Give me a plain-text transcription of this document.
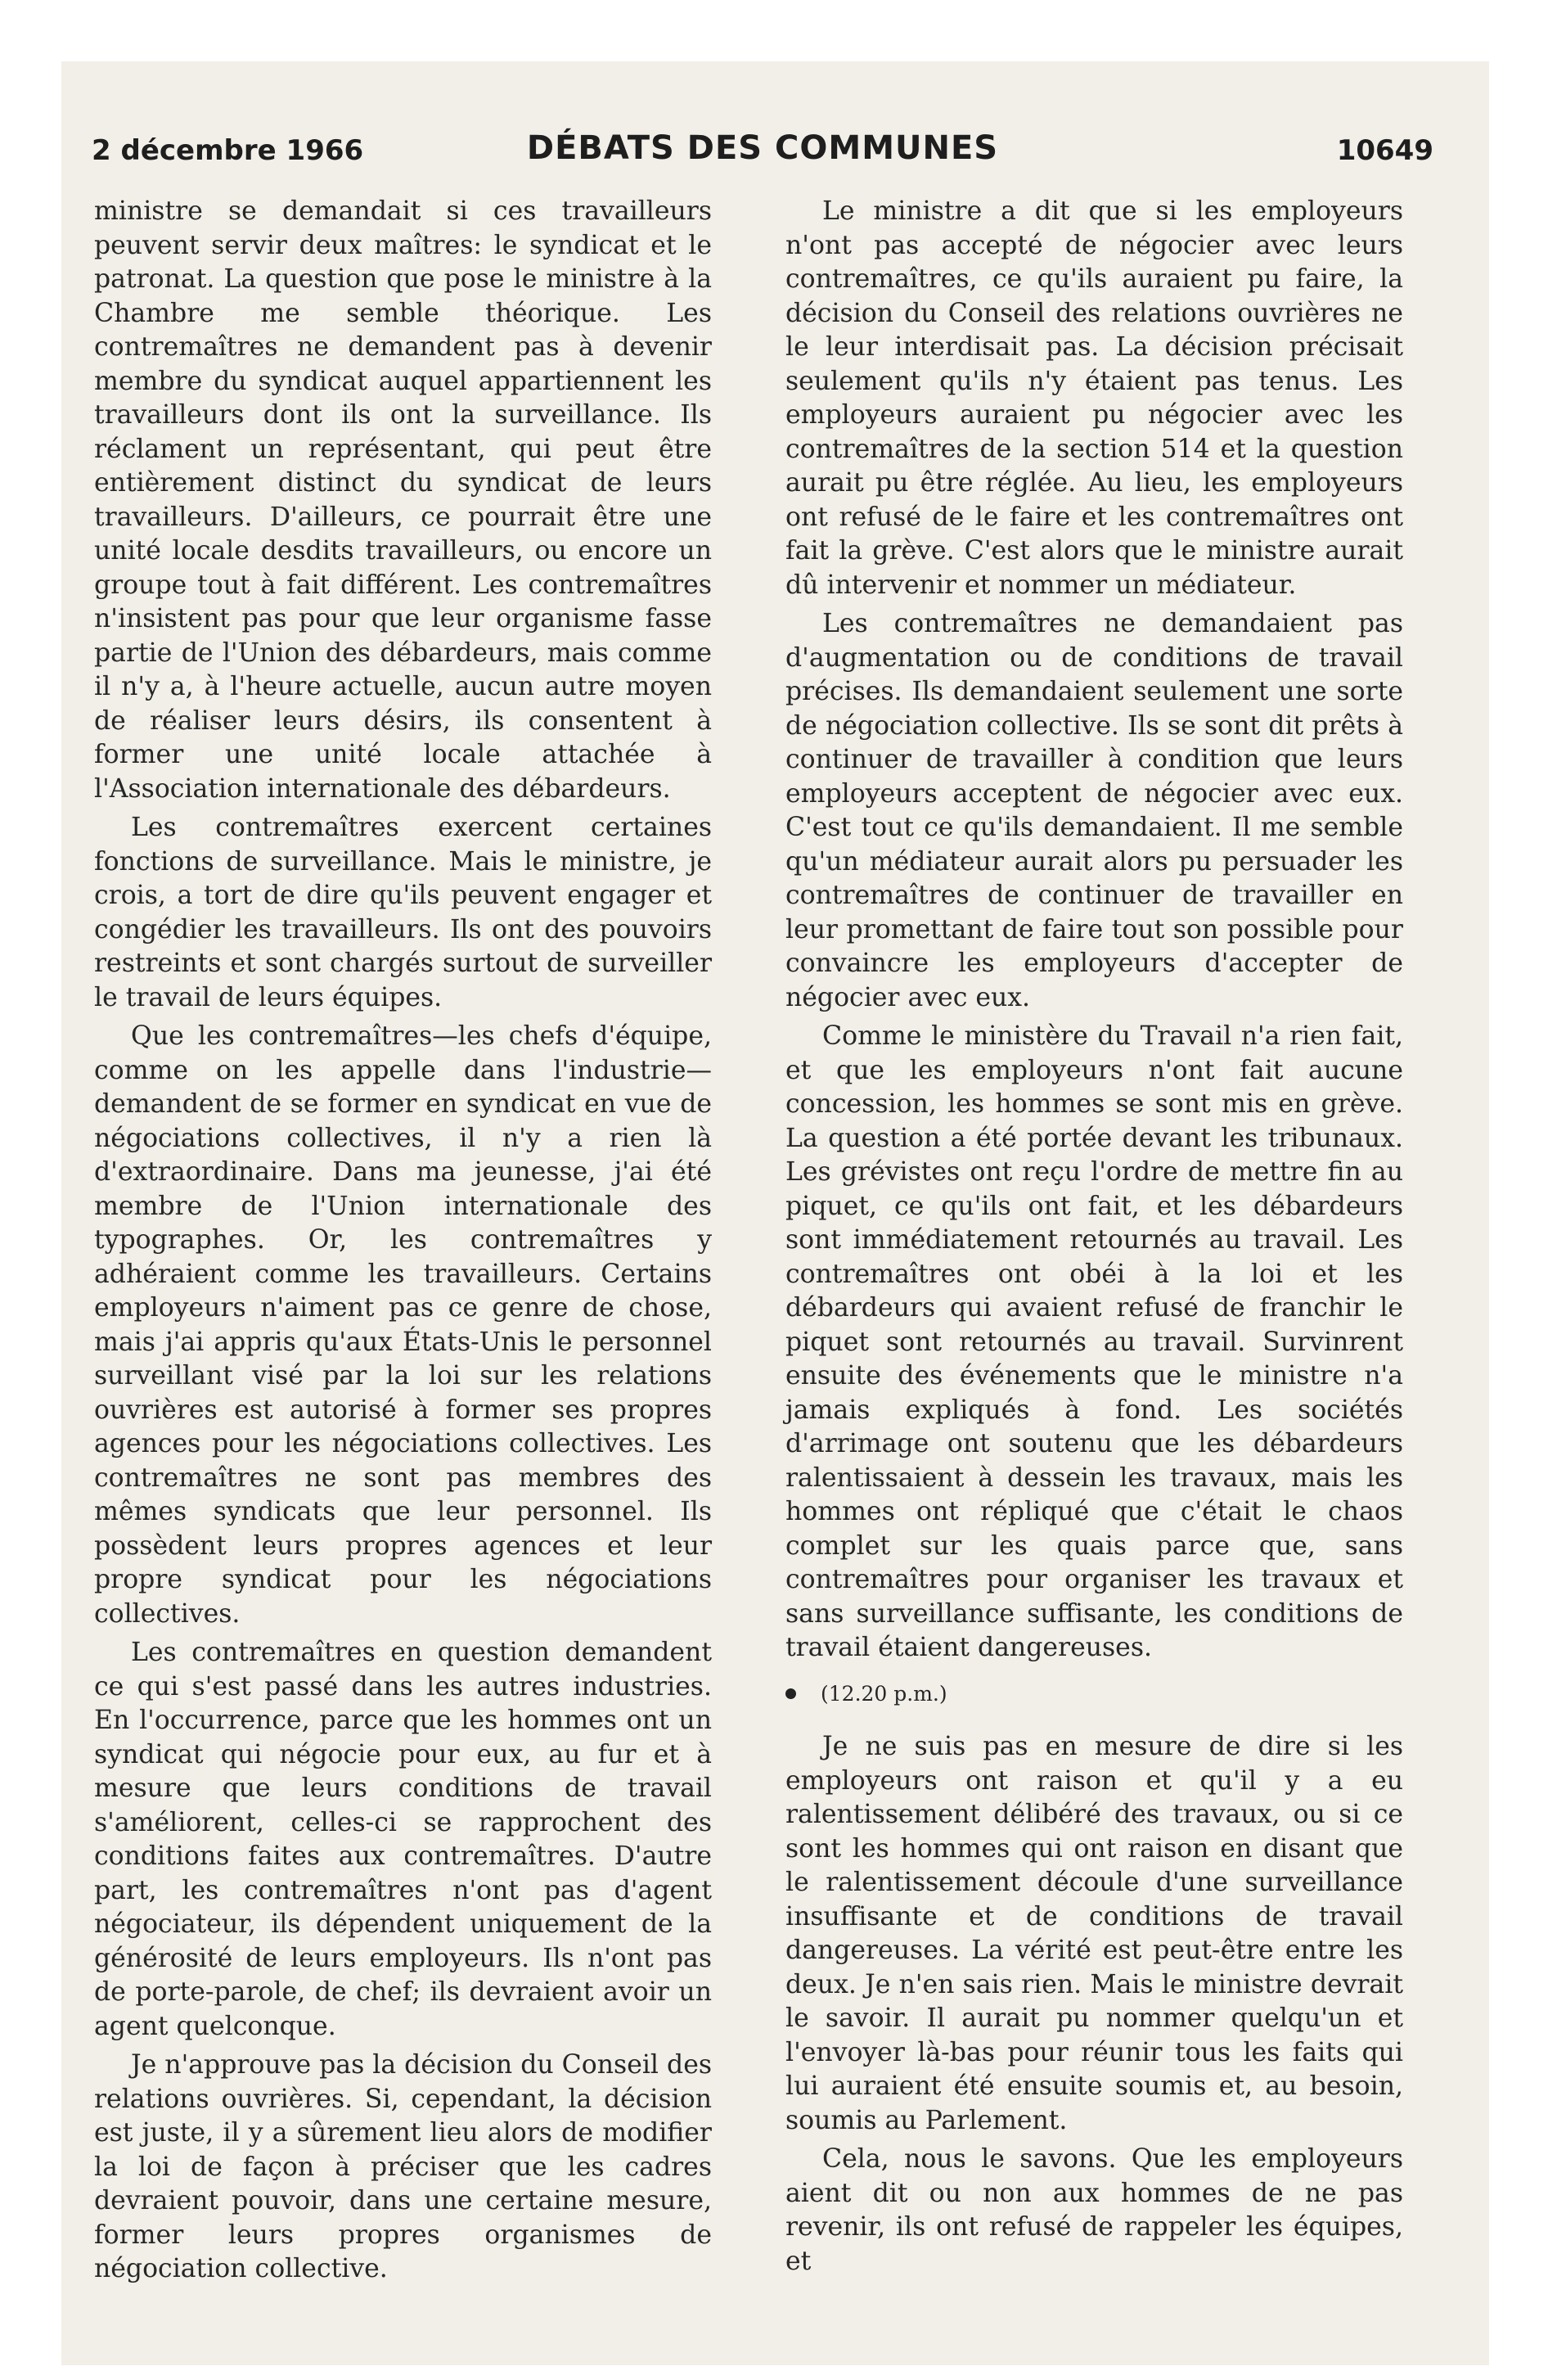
2 décembre 1966	DÉBATS DES COMMUNES	10649

ministre se demandait si ces travailleurs peuvent servir deux maîtres: le syndicat et le patronat. La question que pose le ministre à la Chambre me semble théorique. Les contremaîtres ne demandent pas à devenir membre du syndicat auquel appartiennent les travailleurs dont ils ont la surveillance. Ils réclament un représentant, qui peut être entièrement distinct du syndicat de leurs travailleurs. D'ailleurs, ce pourrait être une unité locale desdits travailleurs, ou encore un groupe tout à fait différent. Les contremaîtres n'insistent pas pour que leur organisme fasse partie de l'Union des débardeurs, mais comme il n'y a, à l'heure actuelle, aucun autre moyen de réaliser leurs désirs, ils consentent à former une unité locale attachée à l'Association internationale des débardeurs.

Les contremaîtres exercent certaines fonctions de surveillance. Mais le ministre, je crois, a tort de dire qu'ils peuvent engager et congédier les travailleurs. Ils ont des pouvoirs restreints et sont chargés surtout de surveiller le travail de leurs équipes.

Que les contremaîtres—les chefs d'équipe, comme on les appelle dans l'industrie—demandent de se former en syndicat en vue de négociations collectives, il n'y a rien là d'extraordinaire. Dans ma jeunesse, j'ai été membre de l'Union internationale des typographes. Or, les contremaîtres y adhéraient comme les travailleurs. Certains employeurs n'aiment pas ce genre de chose, mais j'ai appris qu'aux États-Unis le personnel surveillant visé par la loi sur les relations ouvrières est autorisé à former ses propres agences pour les négociations collectives. Les contremaîtres ne sont pas membres des mêmes syndicats que leur personnel. Ils possèdent leurs propres agences et leur propre syndicat pour les négociations collectives.

Les contremaîtres en question demandent ce qui s'est passé dans les autres industries. En l'occurrence, parce que les hommes ont un syndicat qui négocie pour eux, au fur et à mesure que leurs conditions de travail s'améliorent, celles-ci se rapprochent des conditions faites aux contremaîtres. D'autre part, les contremaîtres n'ont pas d'agent négociateur, ils dépendent uniquement de la générosité de leurs employeurs. Ils n'ont pas de porte-parole, de chef; ils devraient avoir un agent quelconque.

Je n'approuve pas la décision du Conseil des relations ouvrières. Si, cependant, la décision est juste, il y a sûrement lieu alors de modifier la loi de façon à préciser que les cadres devraient pouvoir, dans une certaine mesure, former leurs propres organismes de négociation collective.

Le ministre a dit que si les employeurs n'ont pas accepté de négocier avec leurs contremaîtres, ce qu'ils auraient pu faire, la décision du Conseil des relations ouvrières ne le leur interdisait pas. La décision précisait seulement qu'ils n'y étaient pas tenus. Les employeurs auraient pu négocier avec les contremaîtres de la section 514 et la question aurait pu être réglée. Au lieu, les employeurs ont refusé de le faire et les contremaîtres ont fait la grève. C'est alors que le ministre aurait dû intervenir et nommer un médiateur.

Les contremaîtres ne demandaient pas d'augmentation ou de conditions de travail précises. Ils demandaient seulement une sorte de négociation collective. Ils se sont dit prêts à continuer de travailler à condition que leurs employeurs acceptent de négocier avec eux. C'est tout ce qu'ils demandaient. Il me semble qu'un médiateur aurait alors pu persuader les contremaîtres de continuer de travailler en leur promettant de faire tout son possible pour convaincre les employeurs d'accepter de négocier avec eux.

Comme le ministère du Travail n'a rien fait, et que les employeurs n'ont fait aucune concession, les hommes se sont mis en grève. La question a été portée devant les tribunaux. Les grévistes ont reçu l'ordre de mettre fin au piquet, ce qu'ils ont fait, et les débardeurs sont immédiatement retournés au travail. Les contremaîtres ont obéi à la loi et les débardeurs qui avaient refusé de franchir le piquet sont retournés au travail. Survinrent ensuite des événements que le ministre n'a jamais expliqués à fond. Les sociétés d'arrimage ont soutenu que les débardeurs ralentissaient à dessein les travaux, mais les hommes ont répliqué que c'était le chaos complet sur les quais parce que, sans contremaîtres pour organiser les travaux et sans surveillance suffisante, les conditions de travail étaient dangereuses.

(12.20 p.m.)

Je ne suis pas en mesure de dire si les employeurs ont raison et qu'il y a eu ralentissement délibéré des travaux, ou si ce sont les hommes qui ont raison en disant que le ralentissement découle d'une surveillance insuffisante et de conditions de travail dangereuses. La vérité est peut-être entre les deux. Je n'en sais rien. Mais le ministre devrait le savoir. Il aurait pu nommer quelqu'un et l'envoyer là-bas pour réunir tous les faits qui lui auraient été ensuite soumis et, au besoin, soumis au Parlement.

Cela, nous le savons. Que les employeurs aient dit ou non aux hommes de ne pas revenir, ils ont refusé de rappeler les équipes, et
